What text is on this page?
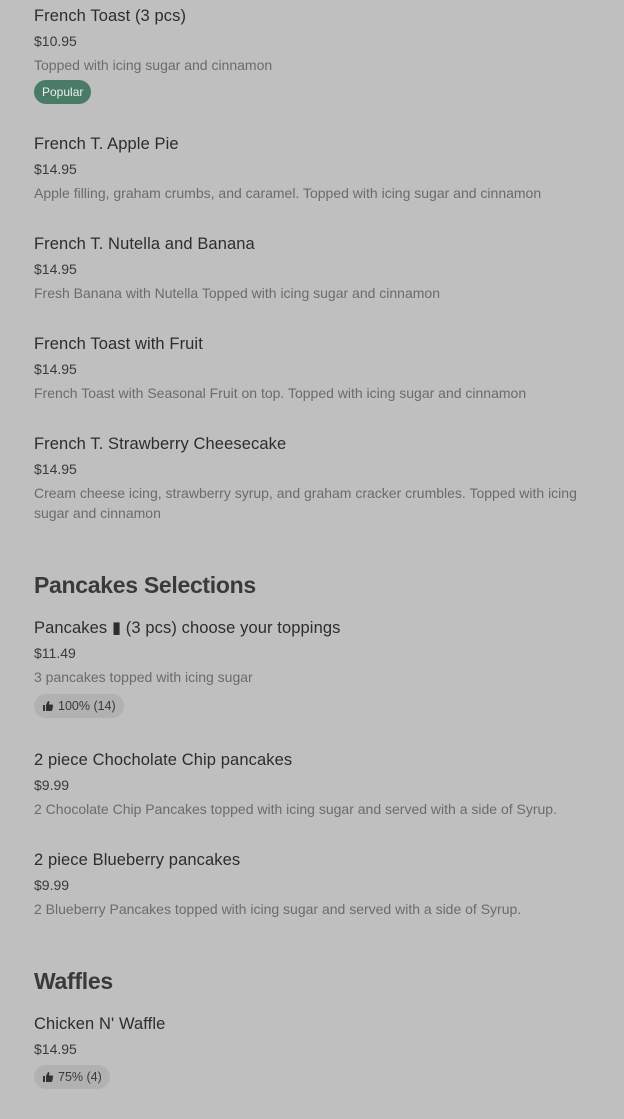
French Toast (3 pcs)
$10.95
Topped with icing sugar and cinnamon
Popular
French T. Apple Pie
$14.95
Apple filling, graham crumbs, and caramel. Topped with icing sugar and cinnamon
French T. Nutella and Banana
$14.95
Fresh Banana with Nutella Topped with icing sugar and cinnamon
French Toast with Fruit
$14.95
French Toast with Seasonal Fruit on top. Topped with icing sugar and cinnamon
French T. Strawberry Cheesecake
$14.95
Cream cheese icing, strawberry syrup, and graham cracker crumbles. Topped with icing sugar and cinnamon
Pancakes Selections
Pancakes ▮ (3 pcs) choose your toppings
$11.49
3 pancakes topped with icing sugar
100% (14)
2 piece Chocholate Chip pancakes
$9.99
2 Chocolate Chip Pancakes topped with icing sugar and served with a side of Syrup.
2 piece Blueberry pancakes
$9.99
2 Blueberry Pancakes topped with icing sugar and served with a side of Syrup.
Waffles
Chicken N' Waffle
$14.95
75% (4)
